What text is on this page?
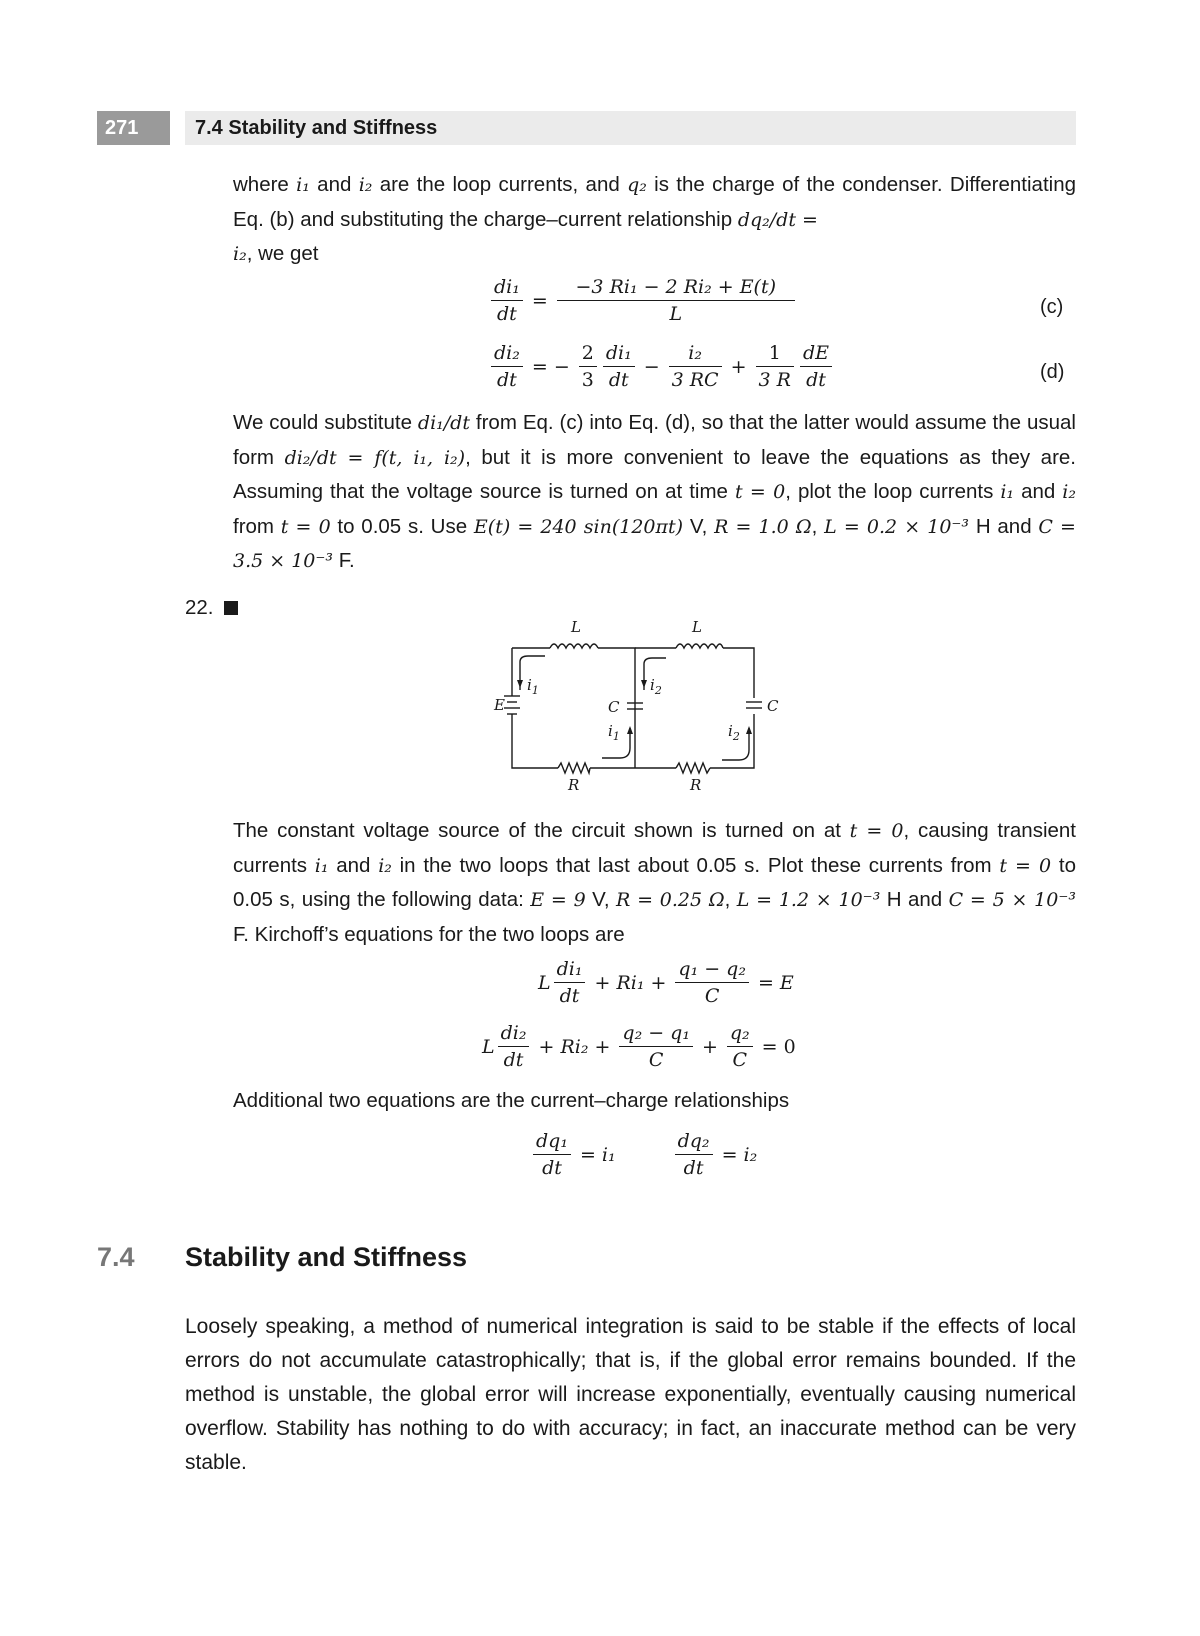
271	7.4 Stability and Stiffness
where i₁ and i₂ are the loop currents, and q₂ is the charge of the condenser. Differentiating Eq. (b) and substituting the charge–current relationship dq₂/dt =
i₂, we get
$\frac{\text{di₁}}{dt} = \frac{\text{−3 Ri₁ − 2 Ri₂ + E(t)}}{L}$	(c)
$\frac{\text{di₂}}{dt}$ = − $\frac{2}{3} \frac{\text{di₁}}{dt} - \frac{\text{i₂}}{3 RC} + \frac{1}{3 R} \frac{dE}{dt}$	(d)
We could substitute di₁/dt from Eq. (c) into Eq. (d), so that the latter would assume the usual form di₂/dt = f(t, i₁, i₂), but it is more convenient to leave the equations as they are. Assuming that the voltage source is turned on at time t = 0, plot the loop currents i₁ and i₂ from t = 0 to 0.05 s. Use E(t) = 240 sin(120πt) V, R = 1.0 Ω, L = 0.2 × 10⁻³ H and C = 3.5 × 10⁻³ F.
22.
L	L
E	C	C
R	R
$i_1$	$i_2$
$i_1$	$i_2$
The constant voltage source of the circuit shown is turned on at t = 0, causing transient currents i₁ and i₂ in the two loops that last about 0.05 s. Plot these currents from t = 0 to 0.05 s, using the following data: E = 9 V, R = 0.25 Ω, L = 1.2 × 10⁻³ H and C = 5 × 10⁻³ F. Kirchoff’s equations for the two loops are
L $\frac{\text{di₁}}{dt} + Ri_1 + \frac{\text{q₁ − q₂}}{C} = E$
L $\frac{\text{di₂}}{dt} + Ri_2 + \frac{\text{q₂ − q₁}}{C} + \frac{\text{q₂}}{C} = 0$
Additional two equations are the current–charge relationships
$\frac{\text{dq₁}}{dt} = i_1$	$\frac{\text{dq₂}}{dt} = i_2$
7.4 Stability and Stiffness
Loosely speaking, a method of numerical integration is said to be stable if the effects of local errors do not accumulate catastrophically; that is, if the global error remains bounded. If the method is unstable, the global error will increase exponentially, eventually causing numerical overflow. Stability has nothing to do with accuracy; in fact, an inaccurate method can be very stable.
